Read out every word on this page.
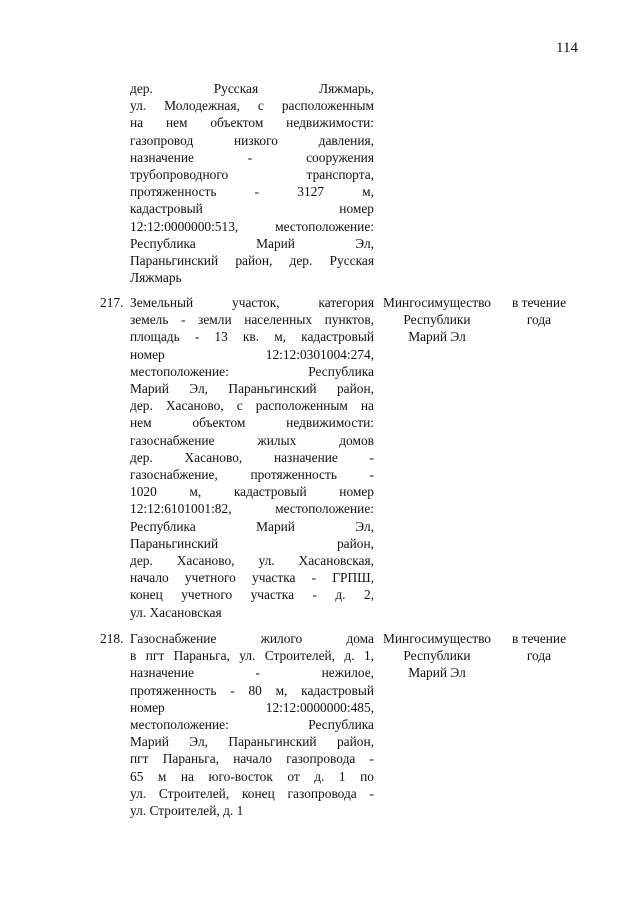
114
дер. Русская Ляжмарь,
ул. Молодежная, с расположенным
на нем объектом недвижимости:
газопровод низкого давления,
назначение - сооружения
трубопроводного транспорта,
протяженность - 3127 м,
кадастровый номер
12:12:0000000:513, местоположение:
Республика Марий Эл,
Параньгинский район, дер. Русская
Ляжмарь
217. Земельный участок, категория
земель - земли населенных пунктов,
площадь - 13 кв. м, кадастровый
номер 12:12:0301004:274,
местоположение: Республика
Марий Эл, Параньгинский район,
дер. Хасаново, с расположенным на
нем объектом недвижимости:
газоснабжение жилых домов
дер. Хасаново, назначение -
газоснабжение, протяженность -
1020 м, кадастровый номер
12:12:6101001:82, местоположение:
Республика Марий Эл,
Параньгинский район,
дер. Хасаново, ул. Хасановская,
начало учетного участка - ГРПШ,
конец учетного участка - д. 2,
ул. Хасановская
Мингосимущество
Республики
Марий Эл
в течение
года
218. Газоснабжение жилого дома
в пгт Параньга, ул. Строителей, д. 1,
назначение - нежилое,
протяженность - 80 м, кадастровый
номер 12:12:0000000:485,
местоположение: Республика
Марий Эл, Параньгинский район,
пгт Параньга, начало газопровода -
65 м на юго-восток от д. 1 по
ул. Строителей, конец газопровода -
ул. Строителей, д. 1
Мингосимущество
Республики
Марий Эл
в течение
года
